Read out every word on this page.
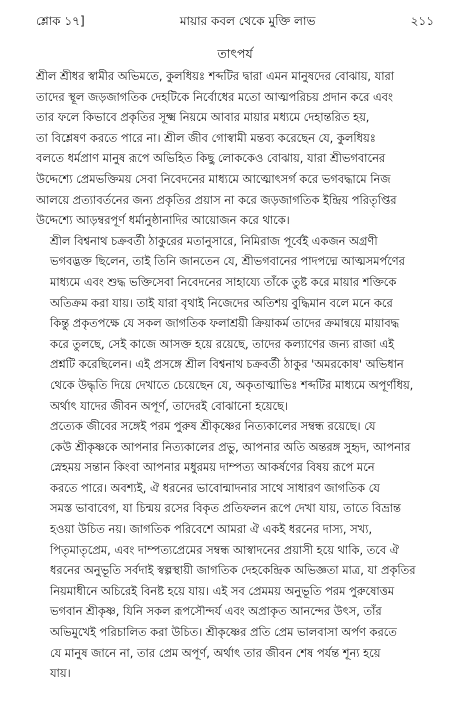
শ্লোক ১৭]	মায়ার কবল থেকে মুক্তি লাভ	২১১
তাৎপর্য
শ্রীল শ্রীধর স্বামীর অভিমতে, কুলধিয়ঃ শব্দটির দ্বারা এমন মানুষদের বোঝায়, যারা
তাদের স্থূল জড়জাগতিক দেহটিকে নির্বোধের মতো আত্মপরিচয় প্রদান করে এবং
তার ফলে কিভাবে প্রকৃতির সূক্ষ্ম নিয়মে আবার মায়ার মধ্যমে দেহান্তরিত হয়,
তা বিশ্লেষণ করতে পারে না। শ্রীল জীব গোস্বামী মন্তব্য করেছেন যে, কুলধিয়ঃ
বলতে ধর্মপ্রাণ মানুষ রূপে অভিহিত কিছু লোককেও বোঝায়, যারা শ্রীভগবানের
উদ্দেশ্যে প্রেমভক্তিময় সেবা নিবেদনের মাধ্যমে আত্মোৎসর্গ করে ভগবদ্ধামে নিজ
আলয়ে প্রত্যাবর্তনের জন্য প্রকৃতির প্রয়াস না করে জড়জাগতিক ইন্দ্রিয় পরিতৃপ্তির
উদ্দেশ্যে আড়ম্বরপূর্ণ ধর্মানুষ্ঠানাদির আয়োজন করে থাকে।
শ্রীল বিশ্বনাথ চক্রবর্তী ঠাকুরের মতানুসারে, নিমিরাজ পূর্বেই একজন অগ্রণী
ভগবদ্ভক্ত ছিলেন, তাই তিনি জানতেন যে, শ্রীভগবানের পাদপদ্মে আত্মসমর্পণের
মাধ্যমে এবং শুদ্ধ ভক্তিসেবা নিবেদনের সাহায্যে তাঁকে তুষ্ট করে মায়ার শক্তিকে
অতিক্রম করা যায়। তাই যারা বৃথাই নিজেদের অতিশয় বুদ্ধিমান বলে মনে করে
কিন্তু প্রকৃতপক্ষে যে সকল জাগতিক ফলাশ্রয়ী ক্রিয়াকর্ম তাদের ক্রমান্বয়ে মায়াবদ্ধ
করে তুলছে, সেই কাজে আসক্ত হয়ে রয়েছে, তাদের কল্যাণের জন্য রাজা এই
প্রশ্নটি করেছিলেন। এই প্রসঙ্গে শ্রীল বিশ্বনাথ চক্রবর্তী ঠাকুর 'অমরকোষ' অভিধান
থেকে উদ্ধৃতি দিয়ে দেখাতে চেয়েছেন যে, অকৃতাত্মাভিঃ শব্দটির মাধ্যমে অপূর্ণধিয়,
অর্থাৎ যাদের জীবন অপূর্ণ, তাদেরই বোঝানো হয়েছে।
প্রত্যেক জীবের সঙ্গেই পরম পুরুষ শ্রীকৃষ্ণের নিত্যকালের সম্বন্ধ রয়েছে। যে
কেউ শ্রীকৃষ্ণকে আপনার নিত্যকালের প্রভু, আপনার অতি অন্তরঙ্গ সুহৃদ, আপনার
স্নেহময় সন্তান কিংবা আপনার মধুরময় দাম্পত্য আকর্ষণের বিষয় রূপে মনে
করতে পারে। অবশ্যই, ঐ ধরনের ভাবোন্মাদনার সাথে সাধারণ জাগতিক যে
সমস্ত ভাবাবেগ, যা চিন্ময় রসের বিকৃত প্রতিফলন রূপে দেখা যায়, তাতে বিভ্রান্ত
হওয়া উচিত নয়। জাগতিক পরিবেশে আমরা ঐ একই ধরনের দাস্য, সখ্য,
পিতৃমাতৃপ্রেম, এবং দাম্পত্যপ্রেমের সম্বন্ধ আস্বাদনের প্রয়াসী হয়ে থাকি, তবে ঐ
ধরনের অনুভূতি সর্বদাই স্বল্পস্থায়ী জাগতিক দেহকেন্দ্রিক অভিজ্ঞতা মাত্র, যা প্রকৃতির
নিয়মাধীনে অচিরেই বিনষ্ট হয়ে যায়। এই সব প্রেমময় অনুভূতি পরম পুরুষোত্তম
ভগবান শ্রীকৃষ্ণ, যিনি সকল রূপসৌন্দর্য এবং অপ্রাকৃত আনন্দের উৎস, তাঁর
অভিমুখেই পরিচালিত করা উচিত। শ্রীকৃষ্ণের প্রতি প্রেম ভালবাসা অর্পণ করতে
যে মানুষ জানে না, তার প্রেম অপূর্ণ, অর্থাৎ তার জীবন শেষ পর্যন্ত শূন্য হয়ে
যায়।
